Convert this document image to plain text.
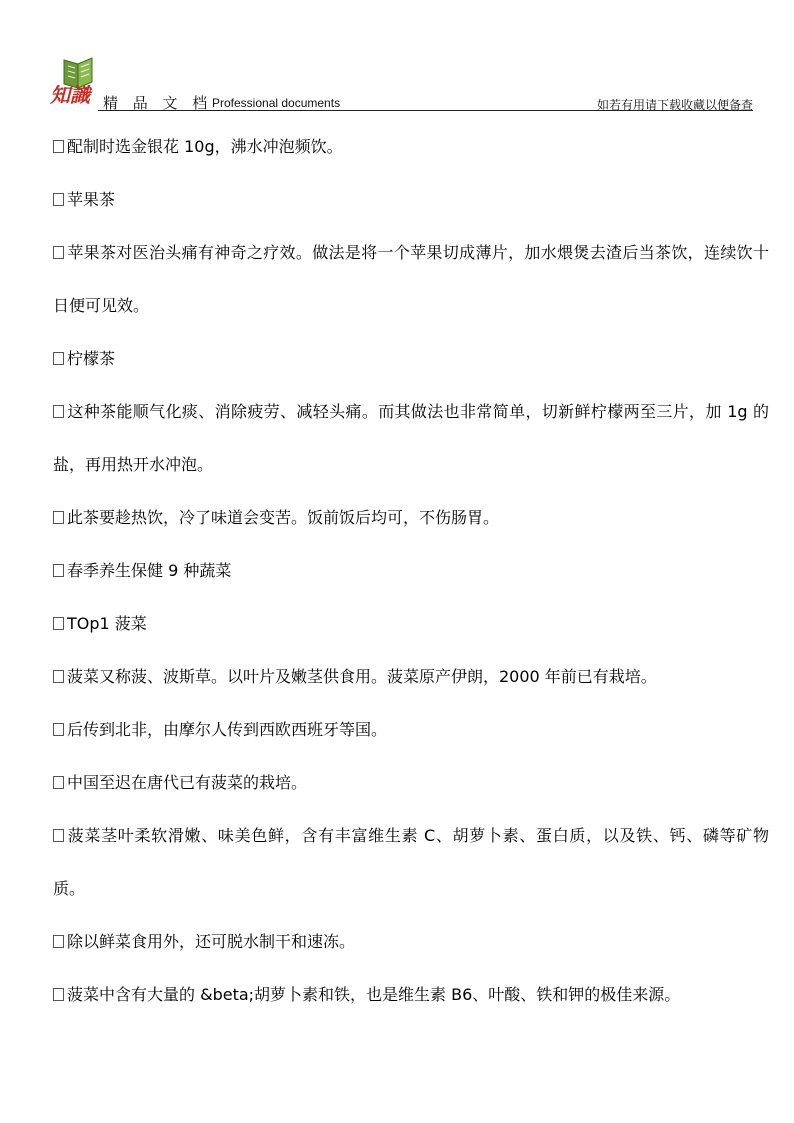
知識 精 品 文 档 Professional documents	如若有用请下载收藏以便备查

配制时选金银花 10g，沸水冲泡频饮。

苹果茶

苹果茶对医治头痛有神奇之疗效。做法是将一个苹果切成薄片，加水煨煲去渣后当茶饮，连续饮十日便可见效。

柠檬茶

这种茶能顺气化痰、消除疲劳、减轻头痛。而其做法也非常简单，切新鲜柠檬两至三片，加 1g 的盐，再用热开水冲泡。

此茶要趁热饮，冷了味道会变苦。饭前饭后均可，不伤肠胃。

春季养生保健 9 种蔬菜

TOp1 菠菜

菠菜又称菠、波斯草。以叶片及嫩茎供食用。菠菜原产伊朗，2000 年前已有栽培。

后传到北非，由摩尔人传到西欧西班牙等国。

中国至迟在唐代已有菠菜的栽培。

菠菜茎叶柔软滑嫩、味美色鲜，含有丰富维生素 C、胡萝卜素、蛋白质，以及铁、钙、磷等矿物质。

除以鲜菜食用外，还可脱水制干和速冻。

菠菜中含有大量的 &beta;胡萝卜素和铁，也是维生素 B6、叶酸、铁和钾的极佳来源。
